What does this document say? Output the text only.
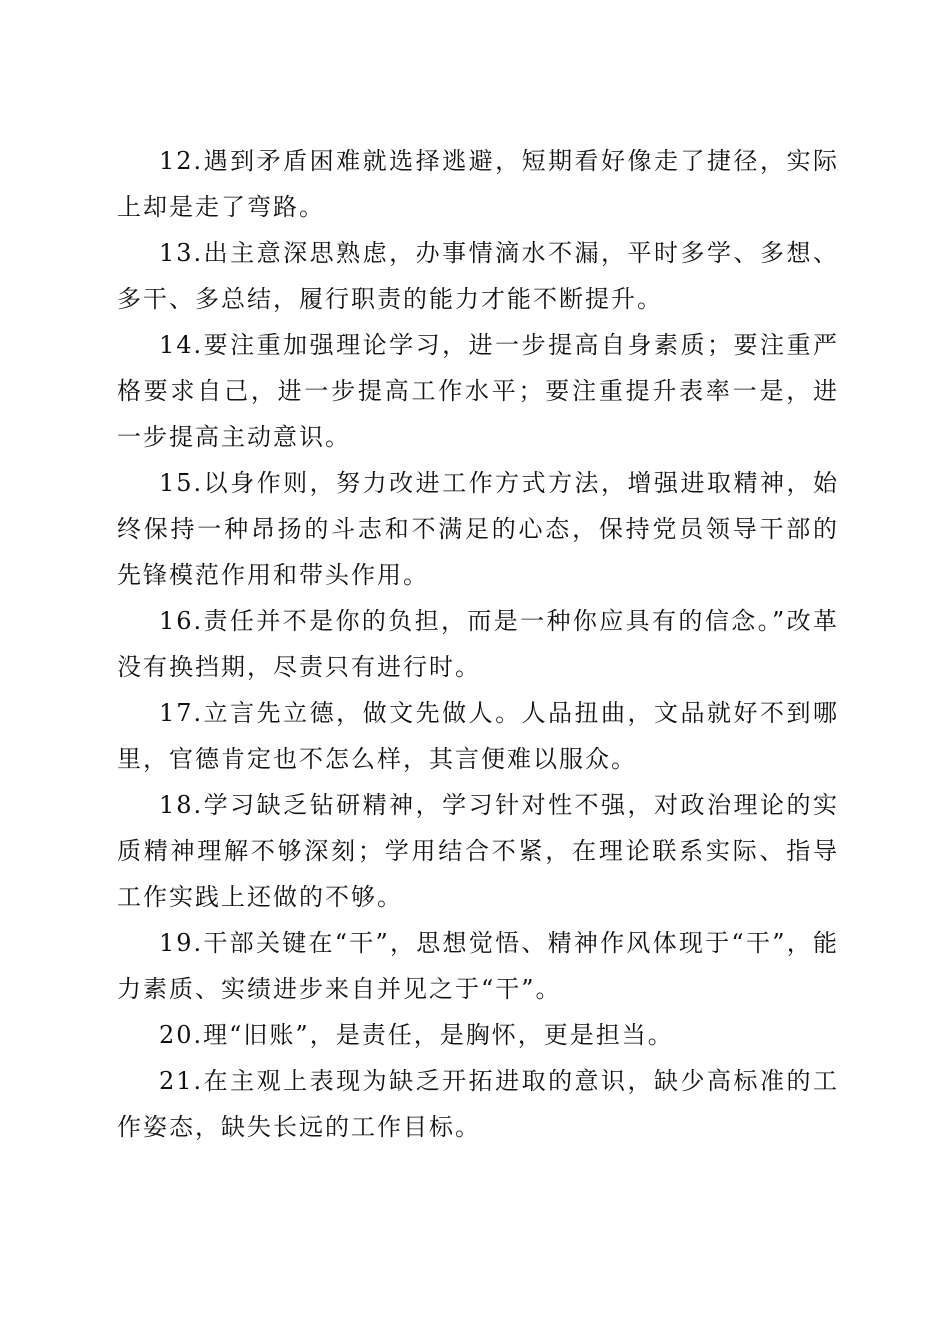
12.遇到矛盾困难就选择逃避，短期看好像走了捷径，实际上却是走了弯路。

13.出主意深思熟虑，办事情滴水不漏，平时多学、多想、多干、多总结，履行职责的能力才能不断提升。

14.要注重加强理论学习，进一步提高自身素质；要注重严格要求自己，进一步提高工作水平；要注重提升表率一是，进一步提高主动意识。

15.以身作则，努力改进工作方式方法，增强进取精神，始终保持一种昂扬的斗志和不满足的心态，保持党员领导干部的先锋模范作用和带头作用。

16.责任并不是你的负担，而是一种你应具有的信念。”改革没有换挡期，尽责只有进行时。

17.立言先立德，做文先做人。人品扭曲，文品就好不到哪里，官德肯定也不怎么样，其言便难以服众。

18.学习缺乏钻研精神，学习针对性不强，对政治理论的实质精神理解不够深刻；学用结合不紧，在理论联系实际、指导工作实践上还做的不够。

19.干部关键在“干”，思想觉悟、精神作风体现于“干”，能力素质、实绩进步来自并见之于“干”。

20.理“旧账”，是责任，是胸怀，更是担当。

21.在主观上表现为缺乏开拓进取的意识，缺少高标准的工作姿态，缺失长远的工作目标。
